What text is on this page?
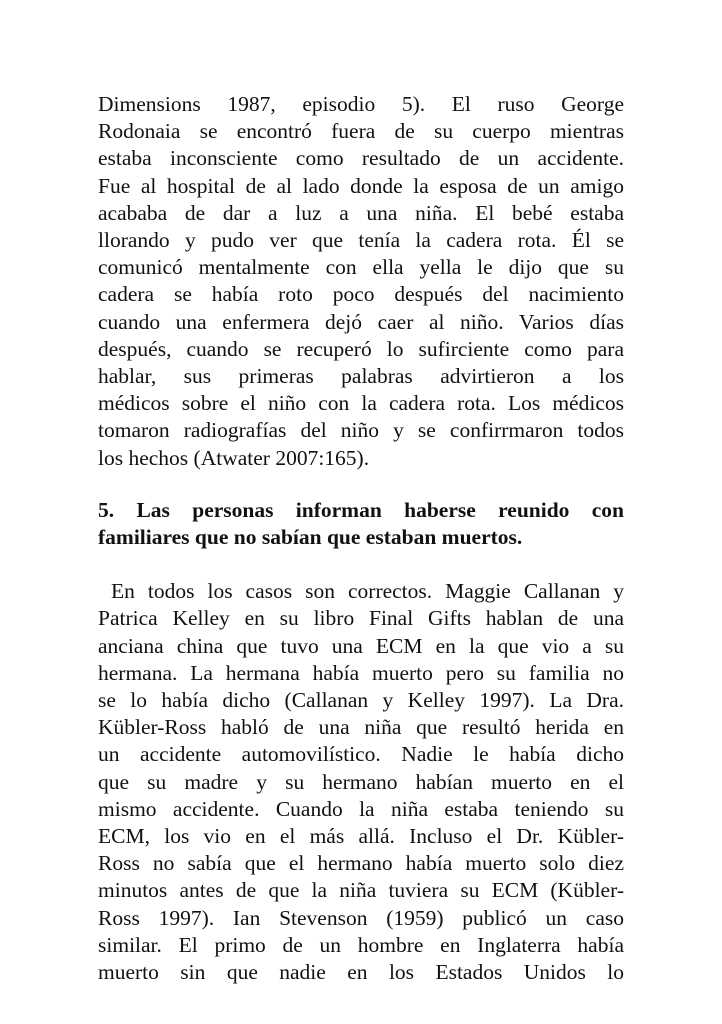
Dimensions 1987, episodio 5). El ruso George
Rodonaia se encontró fuera de su cuerpo mientras
estaba inconsciente como resultado de un accidente.
Fue al hospital de al lado donde la esposa de un amigo
acababa de dar a luz a una niña. El bebé estaba
llorando y pudo ver que tenía la cadera rota. Él se
comunicó mentalmente con ella yella le dijo que su
cadera se había roto poco después del nacimiento
cuando una enfermera dejó caer al niño. Varios días
después, cuando se recuperó lo sufirciente como para
hablar, sus primeras palabras advirtieron a los
médicos sobre el niño con la cadera rota. Los médicos
tomaron radiografías del niño y se confirrmaron todos
los hechos (Atwater 2007:165).
5. Las personas informan haberse reunido con
familiares que no sabían que estaban muertos.
En todos los casos son correctos. Maggie Callanan y
Patrica Kelley en su libro Final Gifts hablan de una
anciana china que tuvo una ECM en la que vio a su
hermana. La hermana había muerto pero su familia no
se lo había dicho (Callanan y Kelley 1997). La Dra.
Kübler-Ross habló de una niña que resultó herida en
un accidente automovilístico. Nadie le había dicho
que su madre y su hermano habían muerto en el
mismo accidente. Cuando la niña estaba teniendo su
ECM, los vio en el más allá. Incluso el Dr. Kübler-
Ross no sabía que el hermano había muerto solo diez
minutos antes de que la niña tuviera su ECM (Kübler-
Ross 1997). Ian Stevenson (1959) publicó un caso
similar. El primo de un hombre en Inglaterra había
muerto sin que nadie en los Estados Unidos lo
